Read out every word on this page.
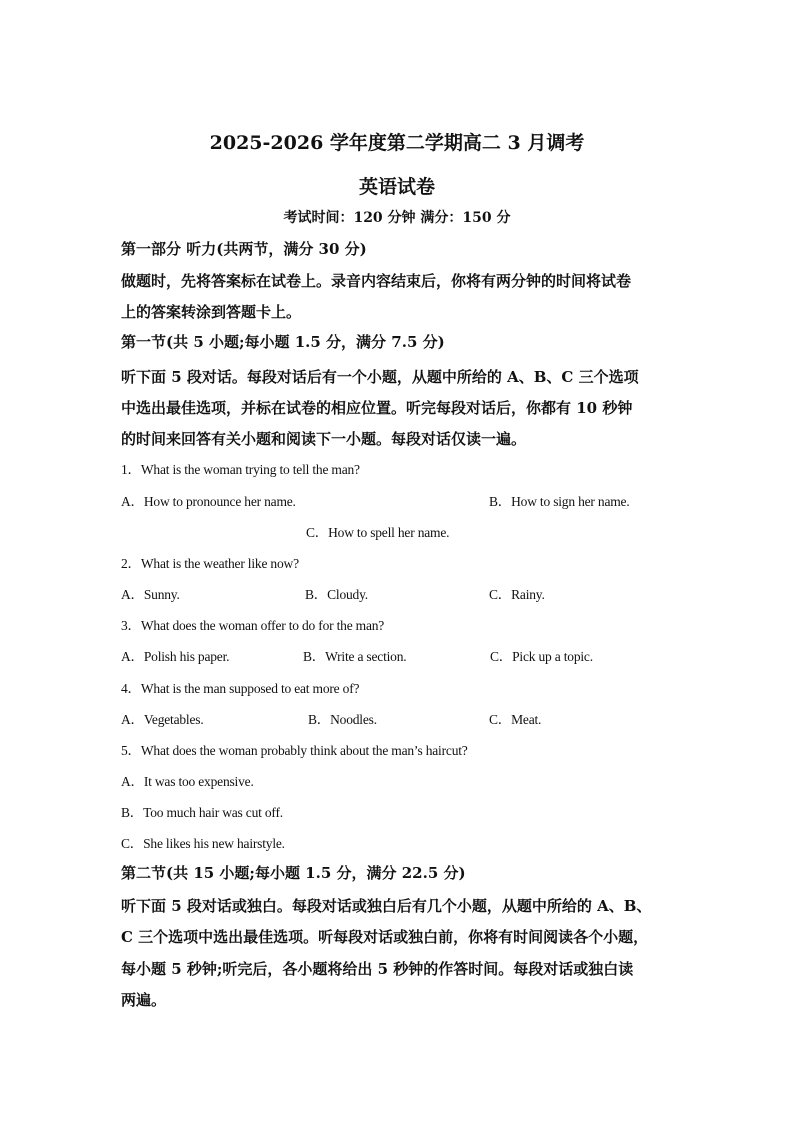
2025-2026 学年度第二学期高二 3 月调考
英语试卷
考试时间：120 分钟 满分：150 分
第一部分 听力(共两节，满分 30 分)
做题时，先将答案标在试卷上。录音内容结束后，你将有两分钟的时间将试卷
上的答案转涂到答题卡上。
第一节(共 5 小题;每小题 1.5 分，满分 7.5 分)
听下面 5 段对话。每段对话后有一个小题，从题中所给的 A、B、C 三个选项
中选出最佳选项，并标在试卷的相应位置。听完每段对话后，你都有 10 秒钟
的时间来回答有关小题和阅读下一小题。每段对话仅读一遍。
1．What is the woman trying to tell the man?
A．How to pronounce her name.	B．How to sign her name.
C．How to spell her name.
2．What is the weather like now?
A．Sunny.	B．Cloudy.	C．Rainy.
3．What does the woman offer to do for the man?
A．Polish his paper.	B．Write a section.	C．Pick up a topic.
4．What is the man supposed to eat more of?
A．Vegetables.	B．Noodles.	C．Meat.
5．What does the woman probably think about the man’s haircut?
A．It was too expensive.
B．Too much hair was cut off.
C．She likes his new hairstyle.
第二节(共 15 小题;每小题 1.5 分，满分 22.5 分)
听下面 5 段对话或独白。每段对话或独白后有几个小题，从题中所给的 A、B、
C 三个选项中选出最佳选项。听每段对话或独白前，你将有时间阅读各个小题，
每小题 5 秒钟;听完后，各小题将给出 5 秒钟的作答时间。每段对话或独白读
两遍。
